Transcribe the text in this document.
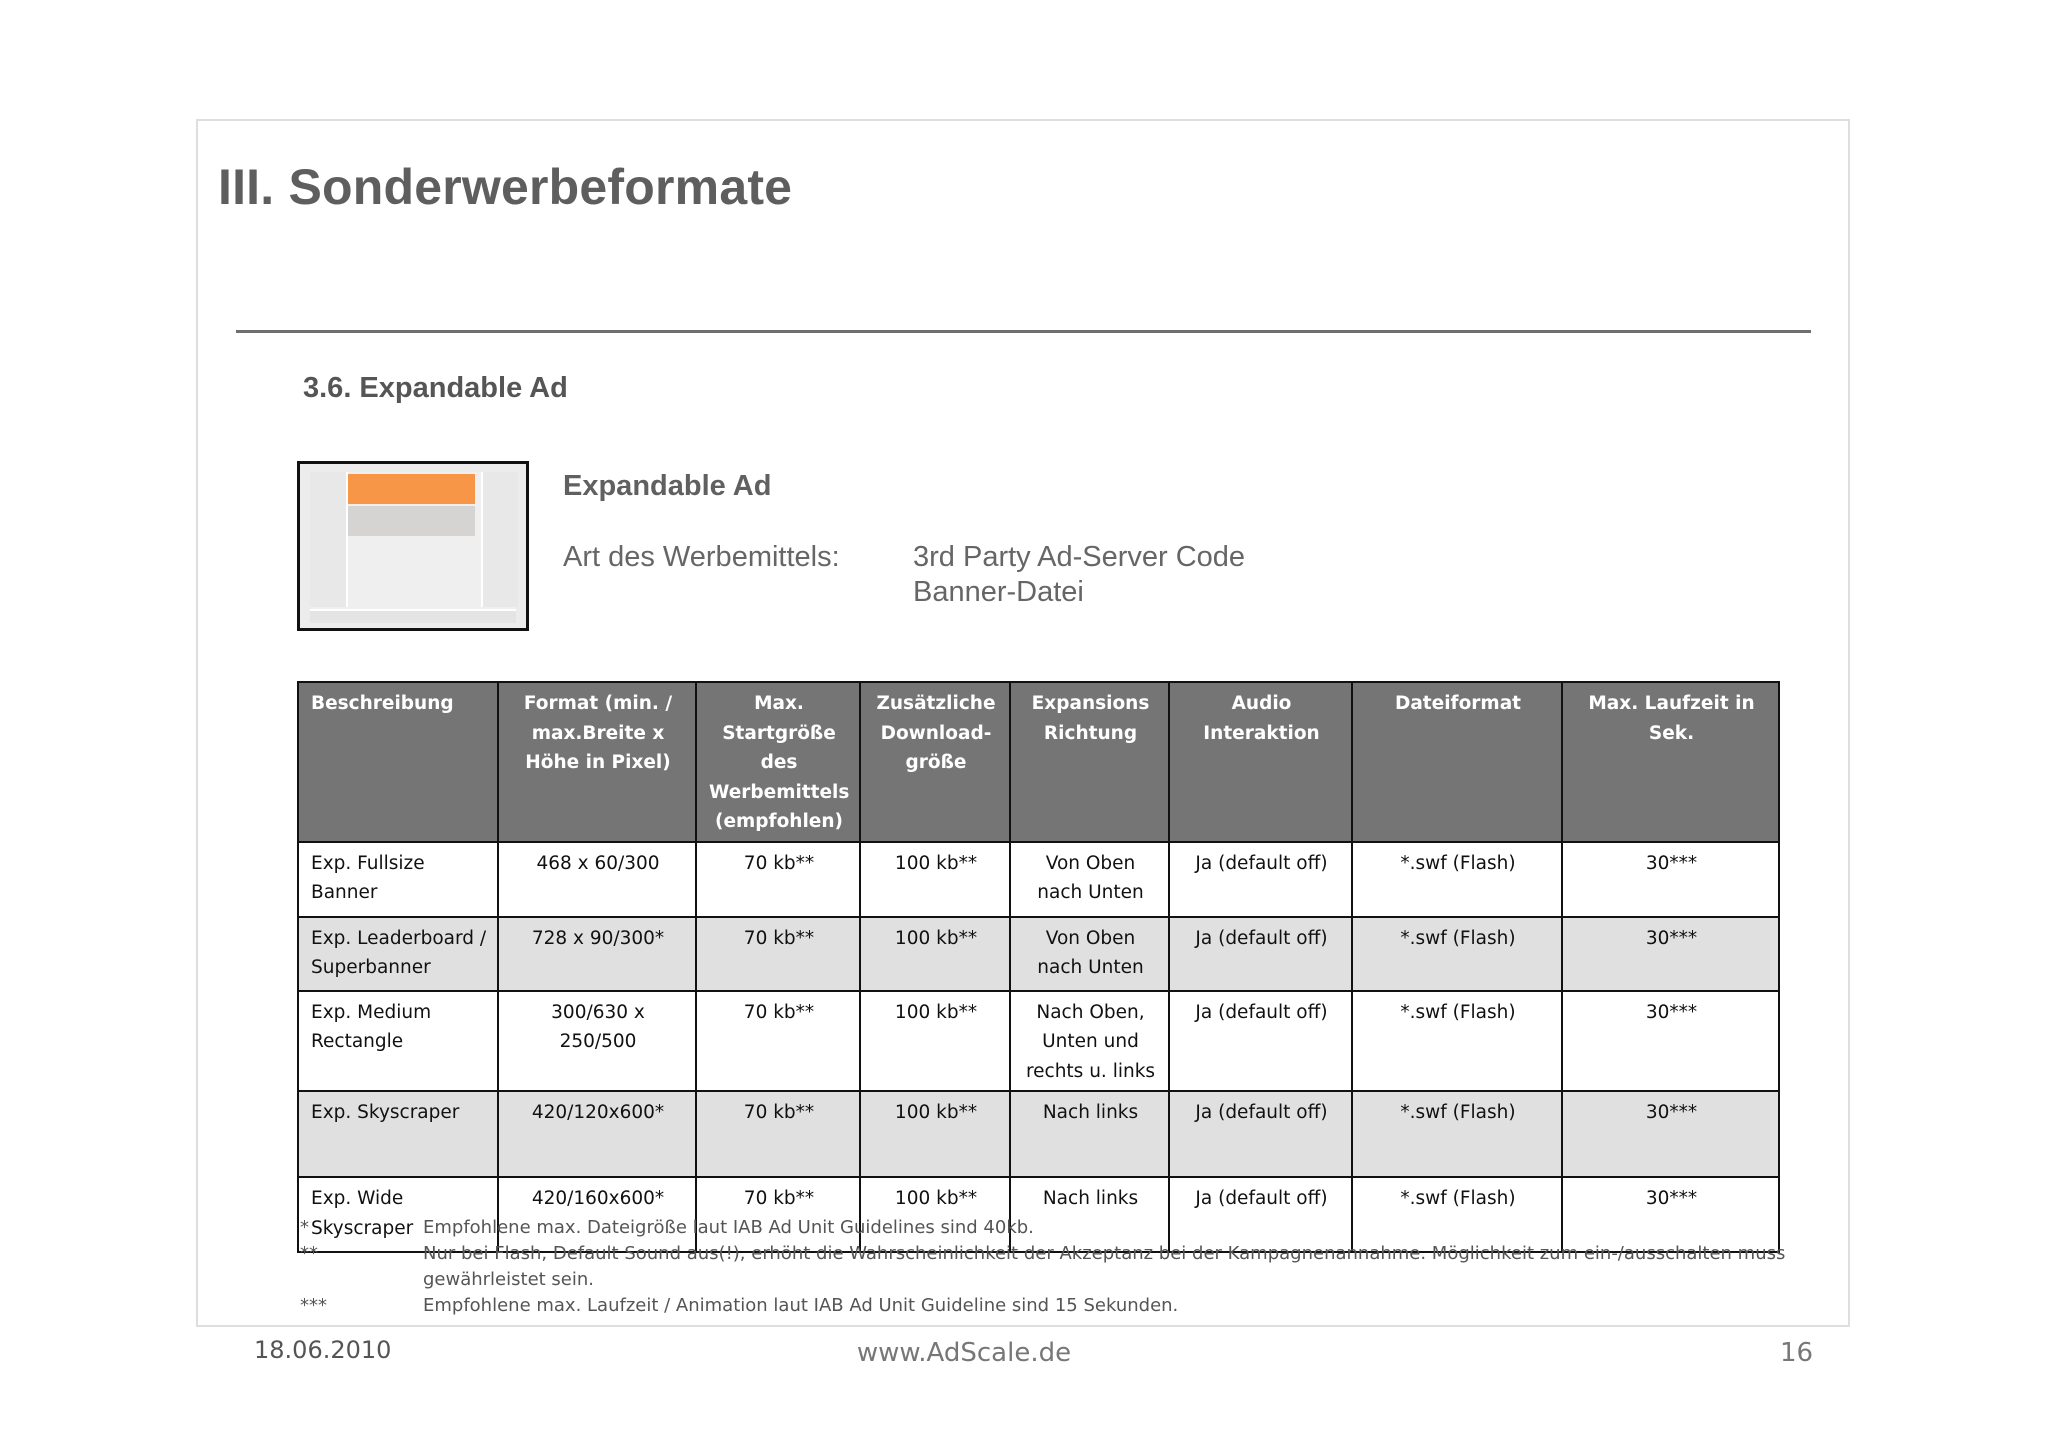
III. Sonderwerbeformate
3.6. Expandable Ad
Expandable Ad
Art des Werbemittels:	3rd Party Ad-Server Code
Banner-Datei
Beschreibung	Format (min. / max.Breite x Höhe in Pixel)	Max. Startgröße des Werbemittels (empfohlen)	Zusätzliche Download-größe	Expansions Richtung	Audio Interaktion	Dateiformat	Max. Laufzeit in Sek.
Exp. Fullsize Banner	468 x 60/300	70 kb**	100 kb**	Von Oben nach Unten	Ja (default off)	*.swf (Flash)	30***
Exp. Leaderboard / Superbanner	728 x 90/300*	70 kb**	100 kb**	Von Oben nach Unten	Ja (default off)	*.swf (Flash)	30***
Exp. Medium Rectangle	300/630 x 250/500	70 kb**	100 kb**	Nach Oben, Unten und rechts u. links	Ja (default off)	*.swf (Flash)	30***
Exp. Skyscraper	420/120x600*	70 kb**	100 kb**	Nach links	Ja (default off)	*.swf (Flash)	30***
Exp. Wide Skyscraper	420/160x600*	70 kb**	100 kb**	Nach links	Ja (default off)	*.swf (Flash)	30***
*	Empfohlene max. Dateigröße laut IAB Ad Unit Guidelines sind 40kb.
**	Nur bei Flash, Default Sound aus(!), erhöht die Wahrscheinlichkeit der Akzeptanz bei der Kampagnenannahme. Möglichkeit zum ein-/ausschalten muss
gewährleistet sein.
***	Empfohlene max. Laufzeit / Animation laut IAB Ad Unit Guideline sind 15 Sekunden.
18.06.2010	www.AdScale.de	16
